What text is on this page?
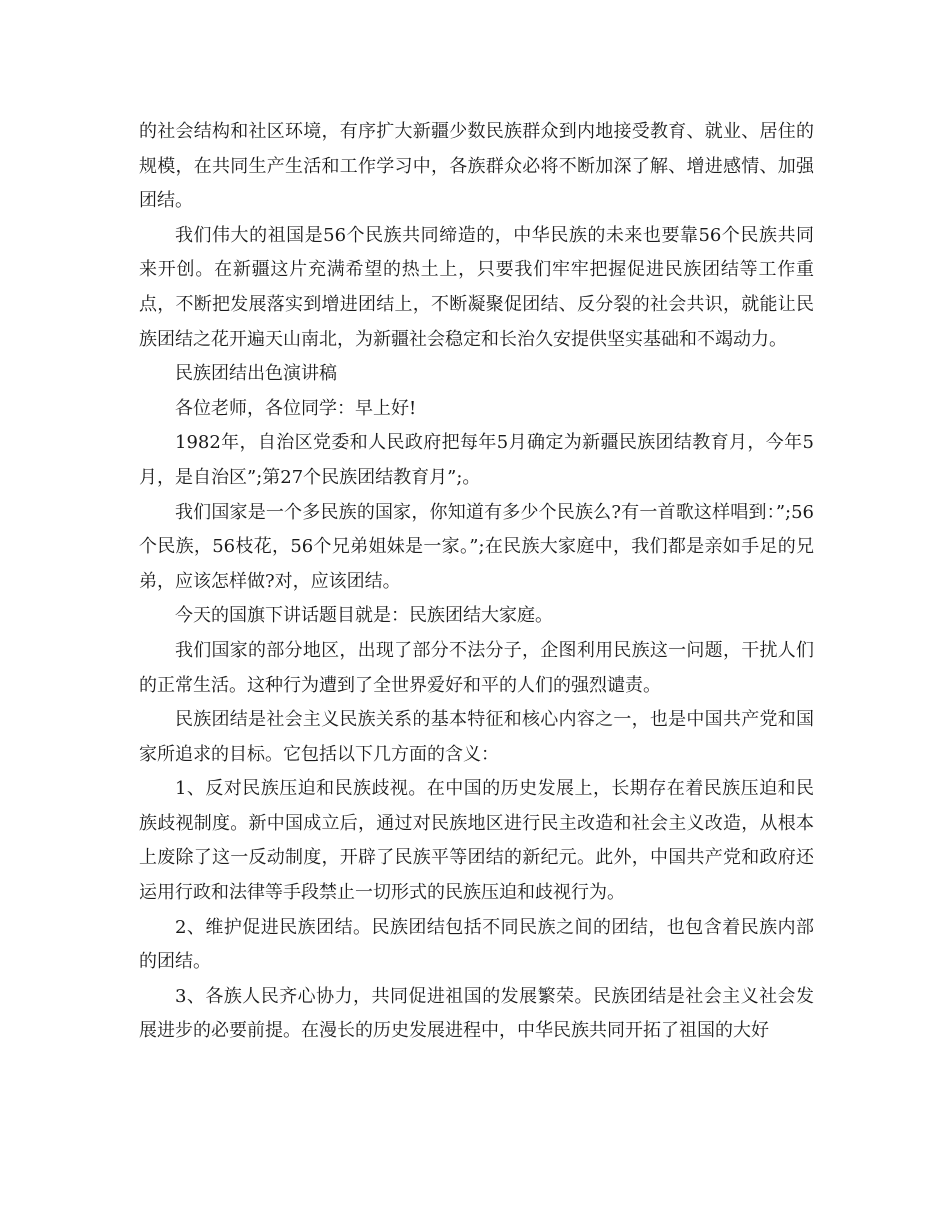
的社会结构和社区环境，有序扩大新疆少数民族群众到内地接受教育、就业、居住的规模，在共同生产生活和工作学习中，各族群众必将不断加深了解、增进感情、加强团结。

我们伟大的祖国是56个民族共同缔造的，中华民族的未来也要靠56个民族共同来开创。在新疆这片充满希望的热土上，只要我们牢牢把握促进民族团结等工作重点，不断把发展落实到增进团结上，不断凝聚促团结、反分裂的社会共识，就能让民族团结之花开遍天山南北，为新疆社会稳定和长治久安提供坚实基础和不竭动力。

民族团结出色演讲稿

各位老师，各位同学：早上好!

1982年，自治区党委和人民政府把每年5月确定为新疆民族团结教育月，今年5月，是自治区”;第27个民族团结教育月”;。

我们国家是一个多民族的国家，你知道有多少个民族么?有一首歌这样唱到：”;56个民族，56枝花，56个兄弟姐妹是一家。”;在民族大家庭中，我们都是亲如手足的兄弟，应该怎样做?对，应该团结。

今天的国旗下讲话题目就是：民族团结大家庭。

我们国家的部分地区，出现了部分不法分子，企图利用民族这一问题，干扰人们的正常生活。这种行为遭到了全世界爱好和平的人们的强烈谴责。

民族团结是社会主义民族关系的基本特征和核心内容之一，也是中国共产党和国家所追求的目标。它包括以下几方面的含义：

1、反对民族压迫和民族歧视。在中国的历史发展上，长期存在着民族压迫和民族歧视制度。新中国成立后，通过对民族地区进行民主改造和社会主义改造，从根本上废除了这一反动制度，开辟了民族平等团结的新纪元。此外，中国共产党和政府还运用行政和法律等手段禁止一切形式的民族压迫和歧视行为。

2、维护促进民族团结。民族团结包括不同民族之间的团结，也包含着民族内部的团结。

3、各族人民齐心协力，共同促进祖国的发展繁荣。民族团结是社会主义社会发展进步的必要前提。在漫长的历史发展进程中，中华民族共同开拓了祖国的大好
